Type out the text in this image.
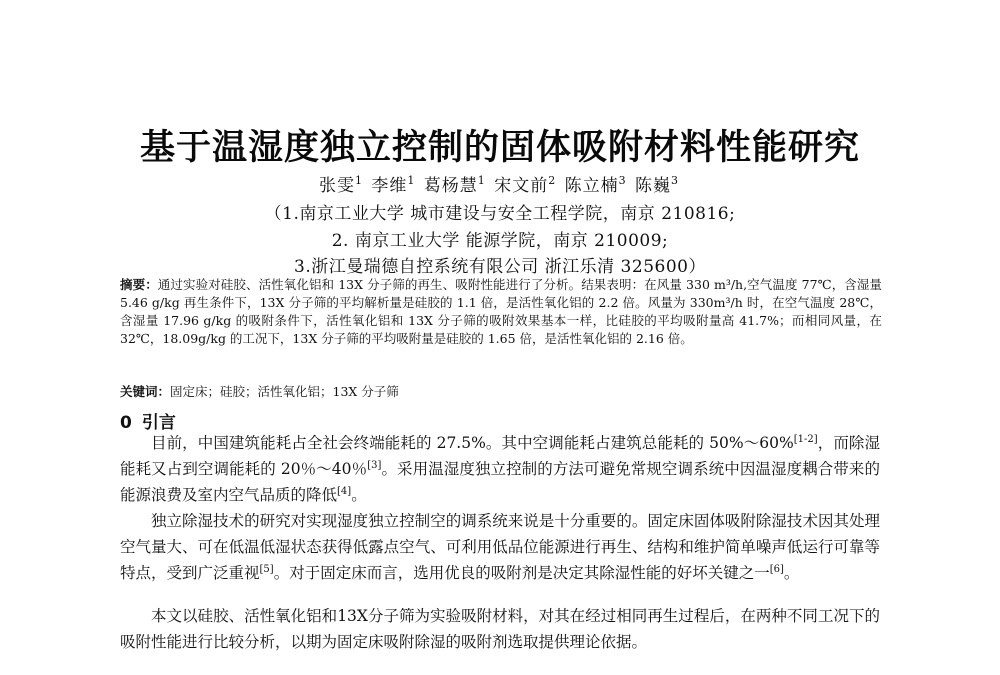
基于温湿度独立控制的固体吸附材料性能研究
张雯$^1$ 李维$^1$ 葛杨慧$^1$ 宋文前$^2$ 陈立楠$^3$ 陈巍$^3$
（1.南京工业大学 城市建设与安全工程学院，南京 210816;
2. 南京工业大学 能源学院，南京 210009;
3.浙江曼瑞德自控系统有限公司 浙江乐清 325600）
摘要：通过实验对硅胶、活性氧化铝和 13X 分子筛的再生、吸附性能进行了分析。结果表明：在风量 330 m³/h,空气温度 77℃，含湿量 5.46 g/kg 再生条件下，13X 分子筛的平均解析量是硅胶的 1.1 倍，是活性氧化铝的 2.2 倍。风量为 330m³/h 时，在空气温度 28℃，含湿量 17.96 g/kg 的吸附条件下，活性氧化铝和 13X 分子筛的吸附效果基本一样，比硅胶的平均吸附量高 41.7%；而相同风量，在 32℃，18.09g/kg 的工况下，13X 分子筛的平均吸附量是硅胶的 1.65 倍，是活性氧化铝的 2.16 倍。
关键词：固定床；硅胶；活性氧化铝；13X 分子筛
0 引言
目前，中国建筑能耗占全社会终端能耗的 27.5%。其中空调能耗占建筑总能耗的 50%～60%[1-2]，而除湿能耗又占到空调能耗的 20％～40％[3]。采用温湿度独立控制的方法可避免常规空调系统中因温湿度耦合带来的能源浪费及室内空气品质的降低[4]。
独立除湿技术的研究对实现湿度独立控制空的调系统来说是十分重要的。固定床固体吸附除湿技术因其处理空气量大、可在低温低湿状态获得低露点空气、可利用低品位能源进行再生、结构和维护简单噪声低运行可靠等特点，受到广泛重视[5]。对于固定床而言，选用优良的吸附剂是决定其除湿性能的好坏关键之一[6]。
本文以硅胶、活性氧化铝和13X分子筛为实验吸附材料，对其在经过相同再生过程后，在两种不同工况下的吸附性能进行比较分析，以期为固定床吸附除湿的吸附剂选取提供理论依据。
